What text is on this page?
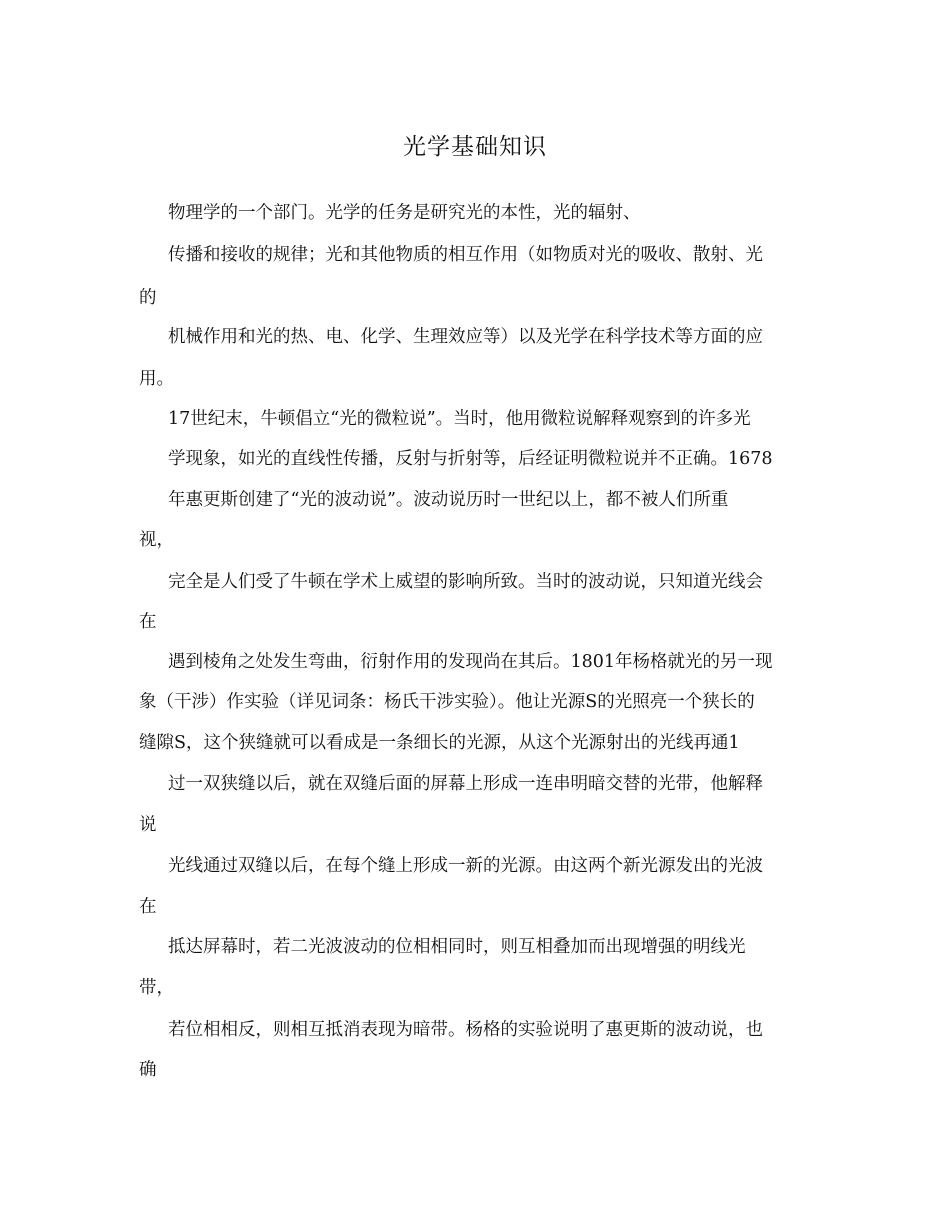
光学基础知识
物理学的一个部门。光学的任务是研究光的本性，光的辐射、
传播和接收的规律；光和其他物质的相互作用（如物质对光的吸收、散射、光
的
机械作用和光的热、电、化学、生理效应等）以及光学在科学技术等方面的应
用。
17世纪末，牛顿倡立“光的微粒说”。当时，他用微粒说解释观察到的许多光
学现象，如光的直线性传播，反射与折射等，后经证明微粒说并不正确。1678
年惠更斯创建了“光的波动说”。波动说历时一世纪以上，都不被人们所重
视，
完全是人们受了牛顿在学术上威望的影响所致。当时的波动说，只知道光线会
在
遇到棱角之处发生弯曲，衍射作用的发现尚在其后。1801年杨格就光的另一现
象（干涉）作实验（详见词条：杨氏干涉实验）。他让光源S的光照亮一个狭长的
缝隙S，这个狭缝就可以看成是一条细长的光源，从这个光源射出的光线再通1
过一双狭缝以后，就在双缝后面的屏幕上形成一连串明暗交替的光带，他解释
说
光线通过双缝以后，在每个缝上形成一新的光源。由这两个新光源发出的光波
在
抵达屏幕时，若二光波波动的位相相同时，则互相叠加而出现增强的明线光
带，
若位相相反，则相互抵消表现为暗带。杨格的实验说明了惠更斯的波动说，也
确
